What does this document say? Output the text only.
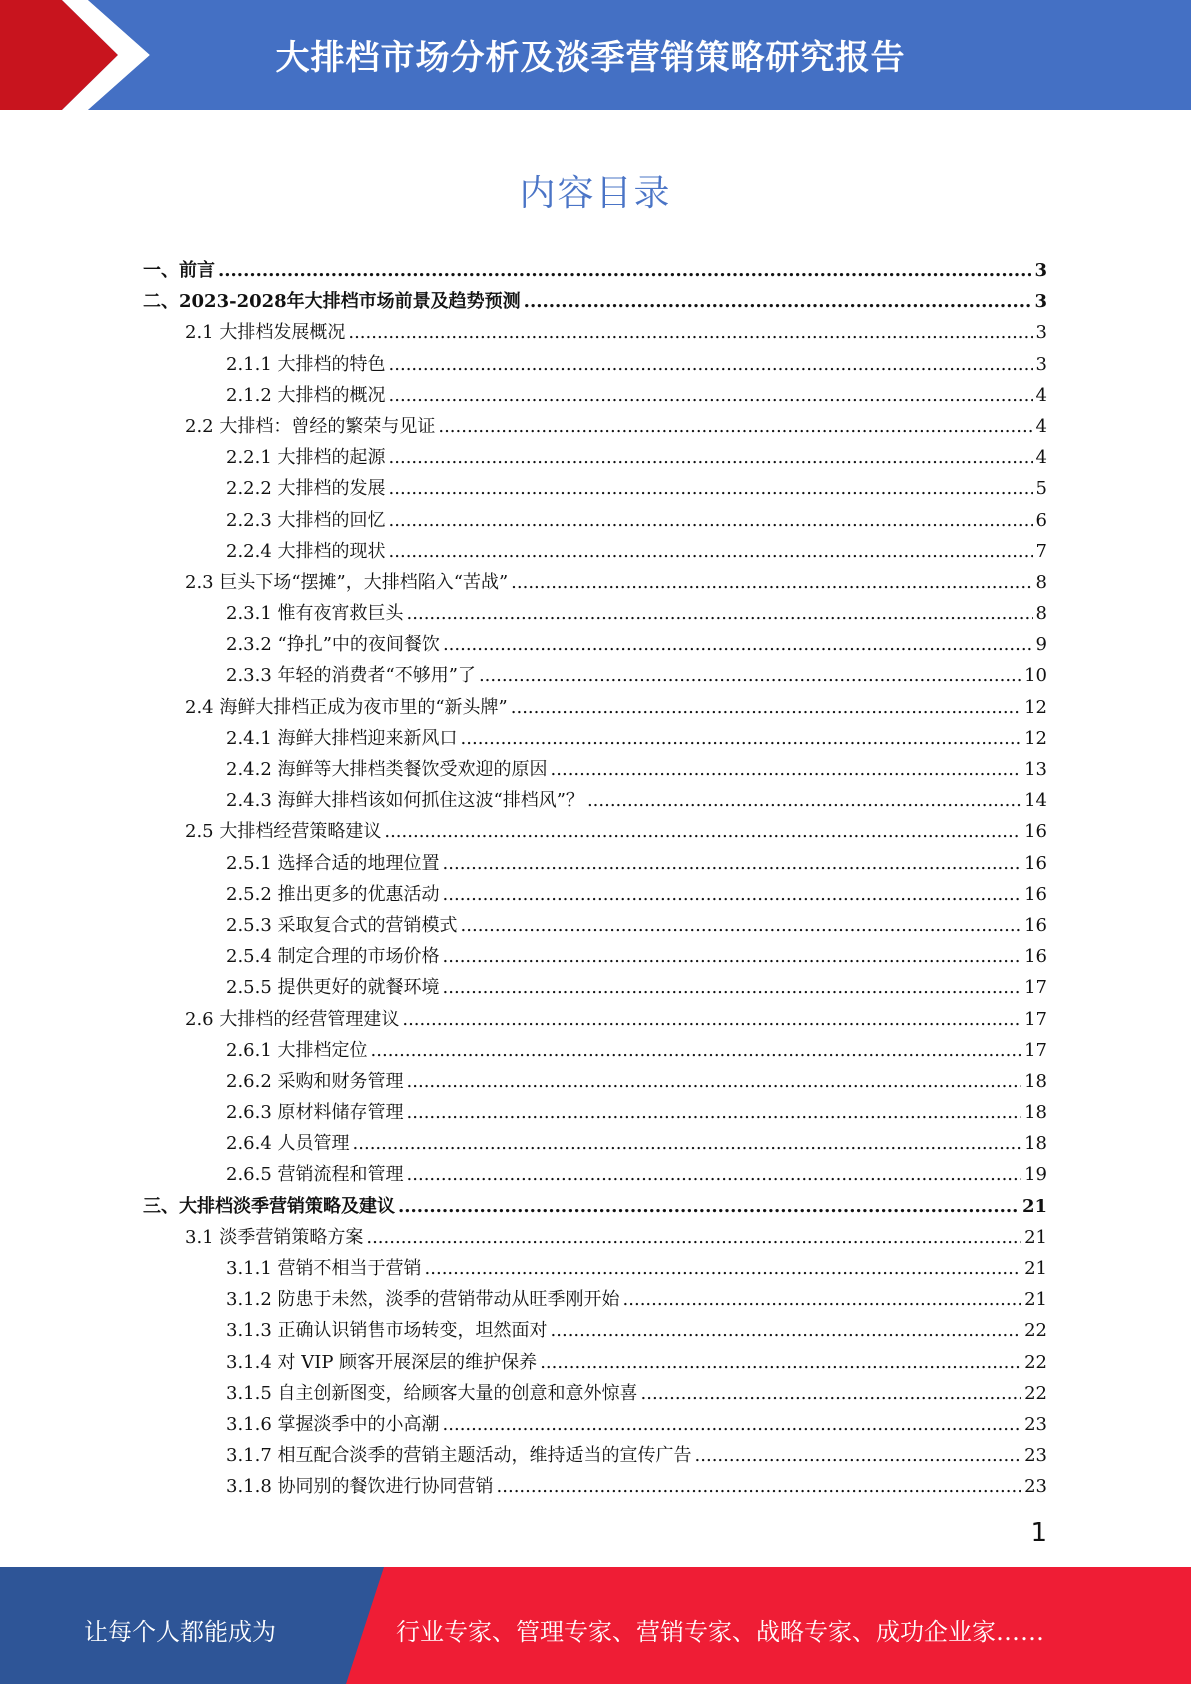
大排档市场分析及淡季营销策略研究报告
内容目录
一、前言 .....	3
二、2023-2028年大排档市场前景及趋势预测 .....	3
2.1 大排档发展概况 .....	3
2.1.1 大排档的特色 .....	3
2.1.2 大排档的概况 .....	4
2.2 大排档：曾经的繁荣与见证 .....	4
2.2.1 大排档的起源 .....	4
2.2.2 大排档的发展 .....	5
2.2.3 大排档的回忆 .....	6
2.2.4 大排档的现状 .....	7
2.3 巨头下场“摆摊”，大排档陷入“苦战” .....	8
2.3.1 惟有夜宵救巨头 .....	8
2.3.2 “挣扎”中的夜间餐饮 .....	9
2.3.3 年轻的消费者“不够用”了 .....	10
2.4 海鲜大排档正成为夜市里的“新头牌” .....	12
2.4.1 海鲜大排档迎来新风口 .....	12
2.4.2 海鲜等大排档类餐饮受欢迎的原因 .....	13
2.4.3 海鲜大排档该如何抓住这波“排档风”？ .....	14
2.5 大排档经营策略建议 .....	16
2.5.1 选择合适的地理位置 .....	16
2.5.2 推出更多的优惠活动 .....	16
2.5.3 采取复合式的营销模式 .....	16
2.5.4 制定合理的市场价格 .....	16
2.5.5 提供更好的就餐环境 .....	17
2.6 大排档的经营管理建议 .....	17
2.6.1 大排档定位 .....	17
2.6.2 采购和财务管理 .....	18
2.6.3 原材料储存管理 .....	18
2.6.4 人员管理 .....	18
2.6.5 营销流程和管理 .....	19
三、大排档淡季营销策略及建议 .....	21
3.1 淡季营销策略方案 .....	21
3.1.1 营销不相当于营销 .....	21
3.1.2 防患于未然，淡季的营销带动从旺季刚开始 .....	21
3.1.3 正确认识销售市场转变，坦然面对 .....	22
3.1.4 对 VIP 顾客开展深层的维护保养 .....	22
3.1.5 自主创新图变，给顾客大量的创意和意外惊喜 .....	22
3.1.6 掌握淡季中的小高潮 .....	23
3.1.7 相互配合淡季的营销主题活动，维持适当的宣传广告 .....	23
3.1.8 协同别的餐饮进行协同营销 .....	23
1
让每个人都能成为	行业专家、管理专家、营销专家、战略专家、成功企业家……
